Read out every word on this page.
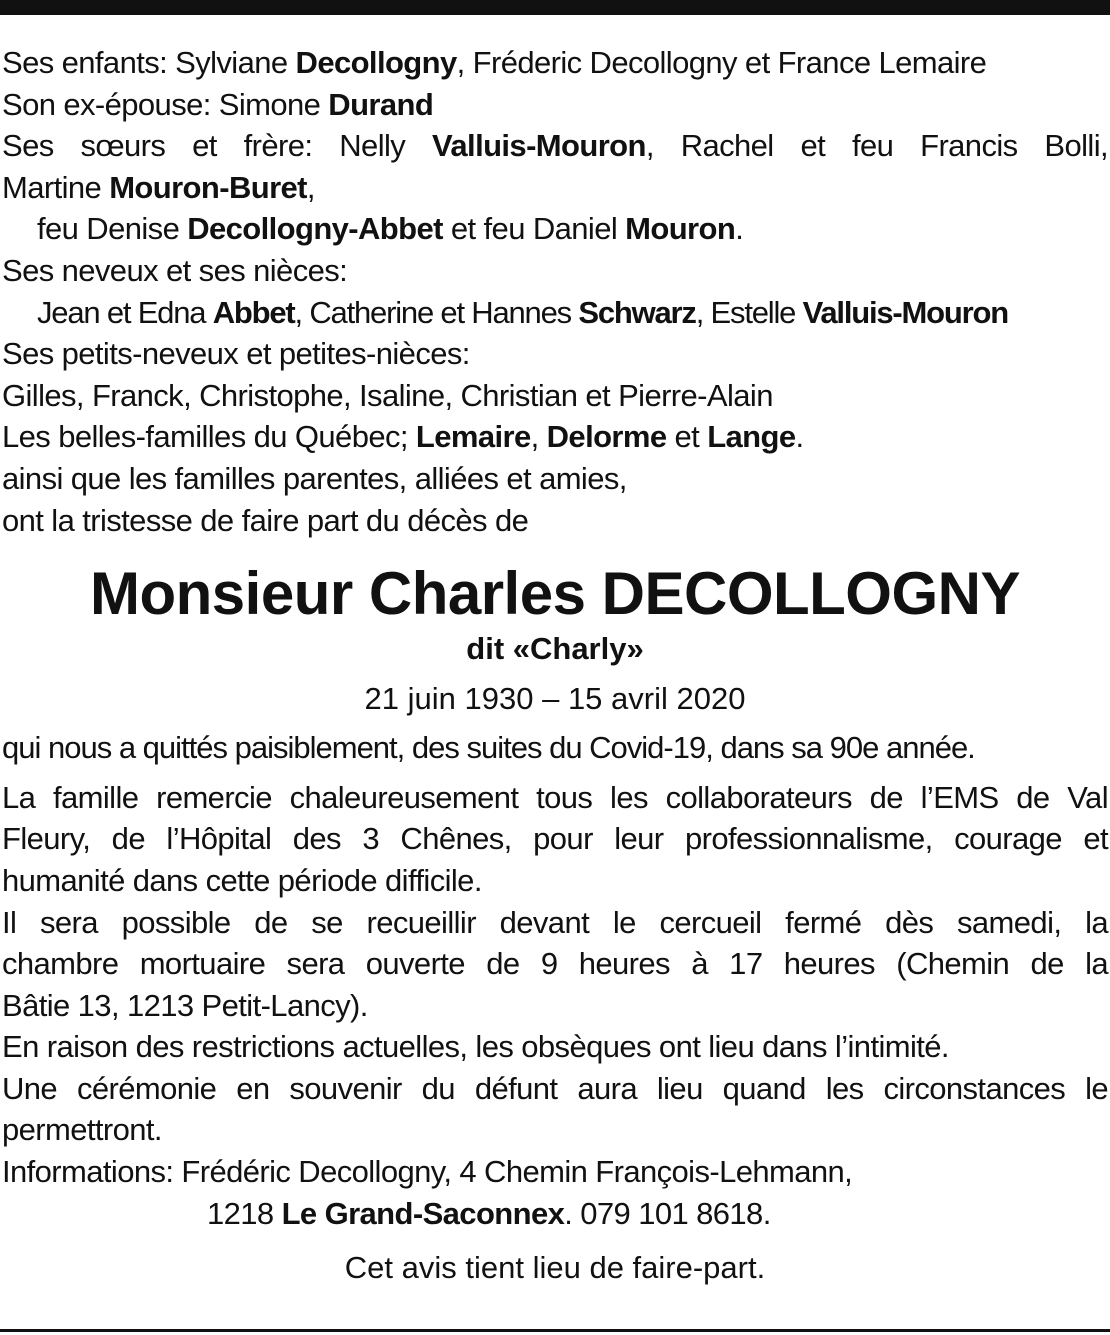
Ses enfants: Sylviane Decollogny, Fréderic Decollogny et France Lemaire
Son ex-épouse: Simone Durand
Ses sœurs et frère: Nelly Valluis-Mouron, Rachel et feu Francis Bolli,
Martine Mouron-Buret,
feu Denise Decollogny-Abbet et feu Daniel Mouron.
Ses neveux et ses nièces:
Jean et Edna Abbet, Catherine et Hannes Schwarz, Estelle Valluis-Mouron
Ses petits-neveux et petites-nièces:
Gilles, Franck, Christophe, Isaline, Christian et Pierre-Alain
Les belles-familles du Québec; Lemaire, Delorme et Lange.
ainsi que les familles parentes, alliées et amies,
ont la tristesse de faire part du décès de
Monsieur Charles DECOLLOGNY
dit «Charly»
21 juin 1930 – 15 avril 2020
qui nous a quittés paisiblement, des suites du Covid-19, dans sa 90e année.
La famille remercie chaleureusement tous les collaborateurs de l’EMS de Val
Fleury, de l’Hôpital des 3 Chênes, pour leur professionnalisme, courage et
humanité dans cette période difficile.
Il sera possible de se recueillir devant le cercueil fermé dès samedi, la
chambre mortuaire sera ouverte de 9 heures à 17 heures (Chemin de la
Bâtie 13, 1213 Petit-Lancy).
En raison des restrictions actuelles, les obsèques ont lieu dans l’intimité.
Une cérémonie en souvenir du défunt aura lieu quand les circonstances le
permettront.
Informations: Frédéric Decollogny, 4 Chemin François-Lehmann,
1218 Le Grand-Saconnex. 079 101 8618.
Cet avis tient lieu de faire-part.
